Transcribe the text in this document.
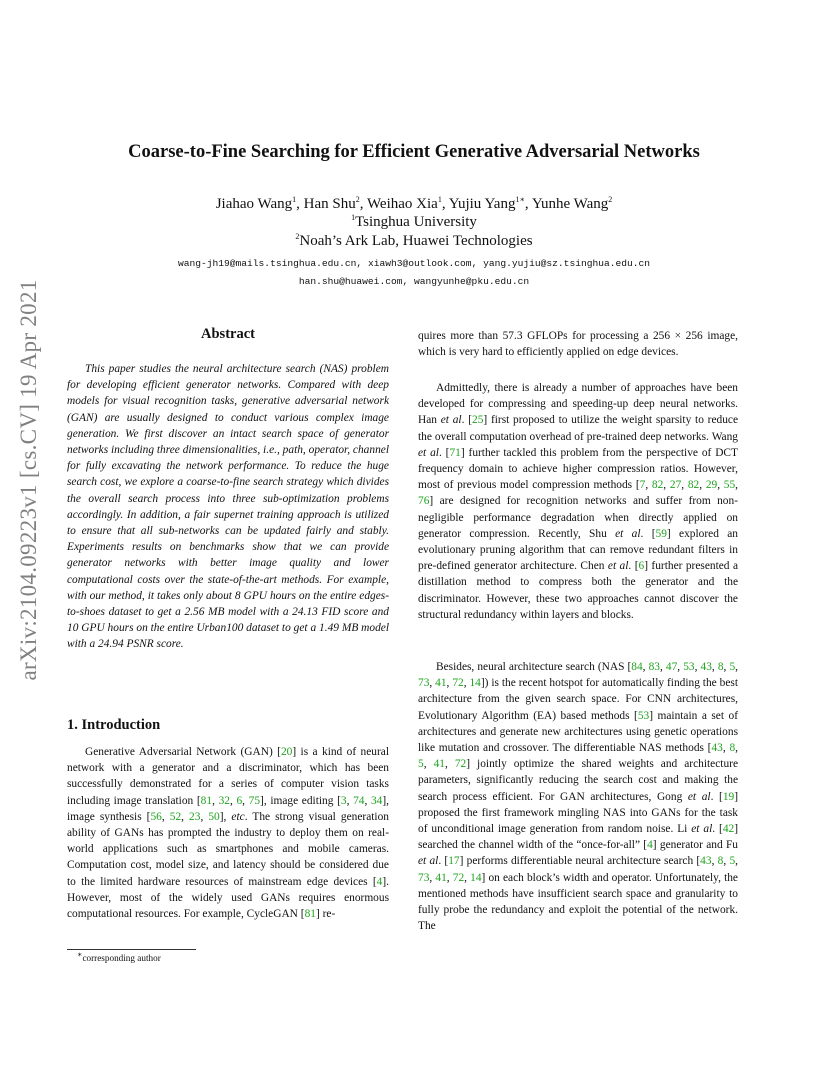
arXiv:2104.09223v1 [cs.CV] 19 Apr 2021
Coarse-to-Fine Searching for Efficient Generative Adversarial Networks
Jiahao Wang$^1$, Han Shu$^2$, Weihao Xia$^1$, Yujiu Yang$^{1∗}$, Yunhe Wang$^2$
$^1$Tsinghua University
$^2$Noah’s Ark Lab, Huawei Technologies
wang-jh19@mails.tsinghua.edu.cn, xiawh3@outlook.com, yang.yujiu@sz.tsinghua.edu.cn
han.shu@huawei.com, wangyunhe@pku.edu.cn
Abstract

This paper studies the neural architecture search (NAS) problem for developing efficient generator networks. Compared with deep models for visual recognition tasks, generative adversarial network (GAN) are usually designed to conduct various complex image generation. We first discover an intact search space of generator networks including three dimensionalities, i.e., path, operator, channel for fully excavating the network performance. To reduce the huge search cost, we explore a coarse-to-fine search strategy which divides the overall search process into three sub-optimization problems accordingly. In addition, a fair supernet training approach is utilized to ensure that all sub-networks can be updated fairly and stably. Experiments results on benchmarks show that we can provide generator networks with better image quality and lower computational costs over the state-of-the-art methods. For example, with our method, it takes only about 8 GPU hours on the entire edges-to-shoes dataset to get a 2.56 MB model with a 24.13 FID score and 10 GPU hours on the entire Urban100 dataset to get a 1.49 MB model with a 24.94 PSNR score.

1. Introduction

Generative Adversarial Network (GAN) [20] is a kind of neural network with a generator and a discriminator, which has been successfully demonstrated for a series of computer vision tasks including image translation [81, 32, 6, 75], image editing [3, 74, 34], image synthesis [56, 52, 23, 50], etc. The strong visual generation ability of GANs has prompted the industry to deploy them on real-world applications such as smartphones and mobile cameras. Computation cost, model size, and latency should be considered due to the limited hardware resources of mainstream edge devices [4]. However, most of the widely used GANs requires enormous computational resources. For example, CycleGAN [81] re-

quires more than 57.3 GFLOPs for processing a 256 × 256 image, which is very hard to efficiently applied on edge devices.

Admittedly, there is already a number of approaches have been developed for compressing and speeding-up deep neural networks. Han et al. [25] first proposed to utilize the weight sparsity to reduce the overall computation overhead of pre-trained deep networks. Wang et al. [71] further tackled this problem from the perspective of DCT frequency domain to achieve higher compression ratios. However, most of previous model compression methods [7, 82, 27, 82, 29, 55, 76] are designed for recognition networks and suffer from non-negligible performance degradation when directly applied on generator compression. Recently, Shu et al. [59] explored an evolutionary pruning algorithm that can remove redundant filters in pre-defined generator architecture. Chen et al. [6] further presented a distillation method to compress both the generator and the discriminator. However, these two approaches cannot discover the structural redundancy within layers and blocks.

Besides, neural architecture search (NAS [84, 83, 47, 53, 43, 8, 5, 73, 41, 72, 14]) is the recent hotspot for automatically finding the best architecture from the given search space. For CNN architectures, Evolutionary Algorithm (EA) based methods [53] maintain a set of architectures and generate new architectures using genetic operations like mutation and crossover. The differentiable NAS methods [43, 8, 5, 41, 72] jointly optimize the shared weights and architecture parameters, significantly reducing the search cost and making the search process efficient. For GAN architectures, Gong et al. [19] proposed the first framework mingling NAS into GANs for the task of unconditional image generation from random noise. Li et al. [42] searched the channel width of the “once-for-all” [4] generator and Fu et al. [17] performs differentiable neural architecture search [43, 8, 5, 73, 41, 72, 14] on each block’s width and operator. Unfortunately, the mentioned methods have insufficient search space and granularity to fully probe the redundancy and exploit the potential of the network. The

∗corresponding author
